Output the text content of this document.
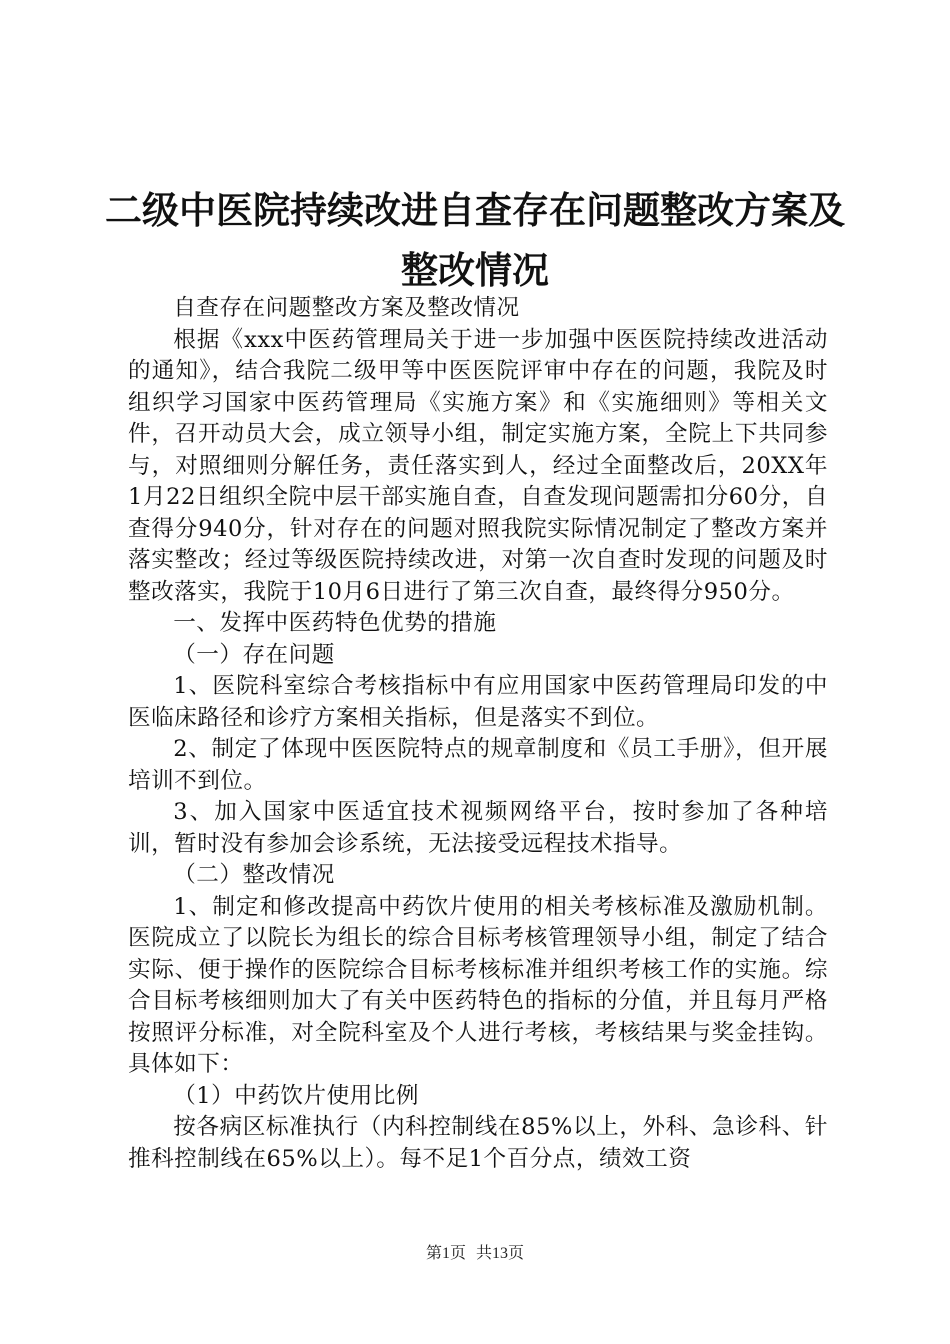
二级中医院持续改进自查存在问题整改方案及
整改情况

自查存在问题整改方案及整改情况

根据《xxx中医药管理局关于进一步加强中医医院持续改进活动的通知》，结合我院二级甲等中医医院评审中存在的问题，我院及时组织学习国家中医药管理局《实施方案》和《实施细则》等相关文件，召开动员大会，成立领导小组，制定实施方案，全院上下共同参与，对照细则分解任务，责任落实到人，经过全面整改后，20XX年1月22日组织全院中层干部实施自查，自查发现问题需扣分60分，自查得分940分，针对存在的问题对照我院实际情况制定了整改方案并落实整改；经过等级医院持续改进，对第一次自查时发现的问题及时整改落实，我院于10月6日进行了第三次自查，最终得分950分。

一、发挥中医药特色优势的措施

（一）存在问题

1、医院科室综合考核指标中有应用国家中医药管理局印发的中医临床路径和诊疗方案相关指标，但是落实不到位。

2、制定了体现中医医院特点的规章制度和《员工手册》，但开展培训不到位。

3、加入国家中医适宜技术视频网络平台，按时参加了各种培训，暂时没有参加会诊系统，无法接受远程技术指导。

（二）整改情况

1、制定和修改提高中药饮片使用的相关考核标准及激励机制。医院成立了以院长为组长的综合目标考核管理领导小组，制定了结合实际、便于操作的医院综合目标考核标准并组织考核工作的实施。综合目标考核细则加大了有关中医药特色的指标的分值，并且每月严格按照评分标准，对全院科室及个人进行考核，考核结果与奖金挂钩。具体如下：

（1）中药饮片使用比例

按各病区标准执行（内科控制线在85%以上，外科、急诊科、针推科控制线在65%以上）。每不足1个百分点，绩效工资

第1页 共13页
